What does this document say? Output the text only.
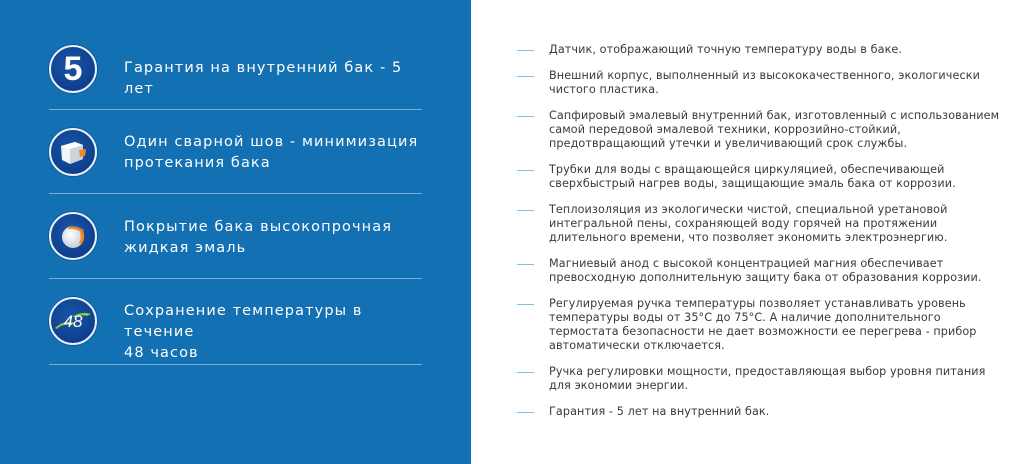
5	Гарантия на внутренний бак - 5 лет
Один сварной шов - минимизация
протекания бака
Покрытие бака высокопрочная
жидкая эмаль
48
Сохранение температуры в течение
48 часов
Датчик, отображающий точную температуру воды в баке.
Внешний корпус, выполненный из высококачественного, экологически чистого пластика.
Сапфировый эмалевый внутренний бак, изготовленный с использованием самой передовой эмалевой техники, коррозийно-стойкий, предотвращающий утечки и увеличивающий срок службы.
Трубки для воды с вращающейся циркуляцией, обеспечивающей сверхбыстрый нагрев воды, защищающие эмаль бака от коррозии.
Теплоизоляция из экологически чистой, специальной уретановой интегральной пены, сохраняющей воду горячей на протяжении длительного времени, что позволяет экономить электроэнергию.
Магниевый анод с высокой концентрацией магния обеспечивает превосходную дополнительную защиту бака от образования коррозии.
Регулируемая ручка температуры позволяет устанавливать уровень температуры воды от 35°C до 75°C. А наличие дополнительного термостата безопасности не дает возможности ее перегрева - прибор автоматически отключается.
Ручка регулировки мощности, предоставляющая выбор уровня питания для экономии энергии.
Гарантия - 5 лет на внутренний бак.
